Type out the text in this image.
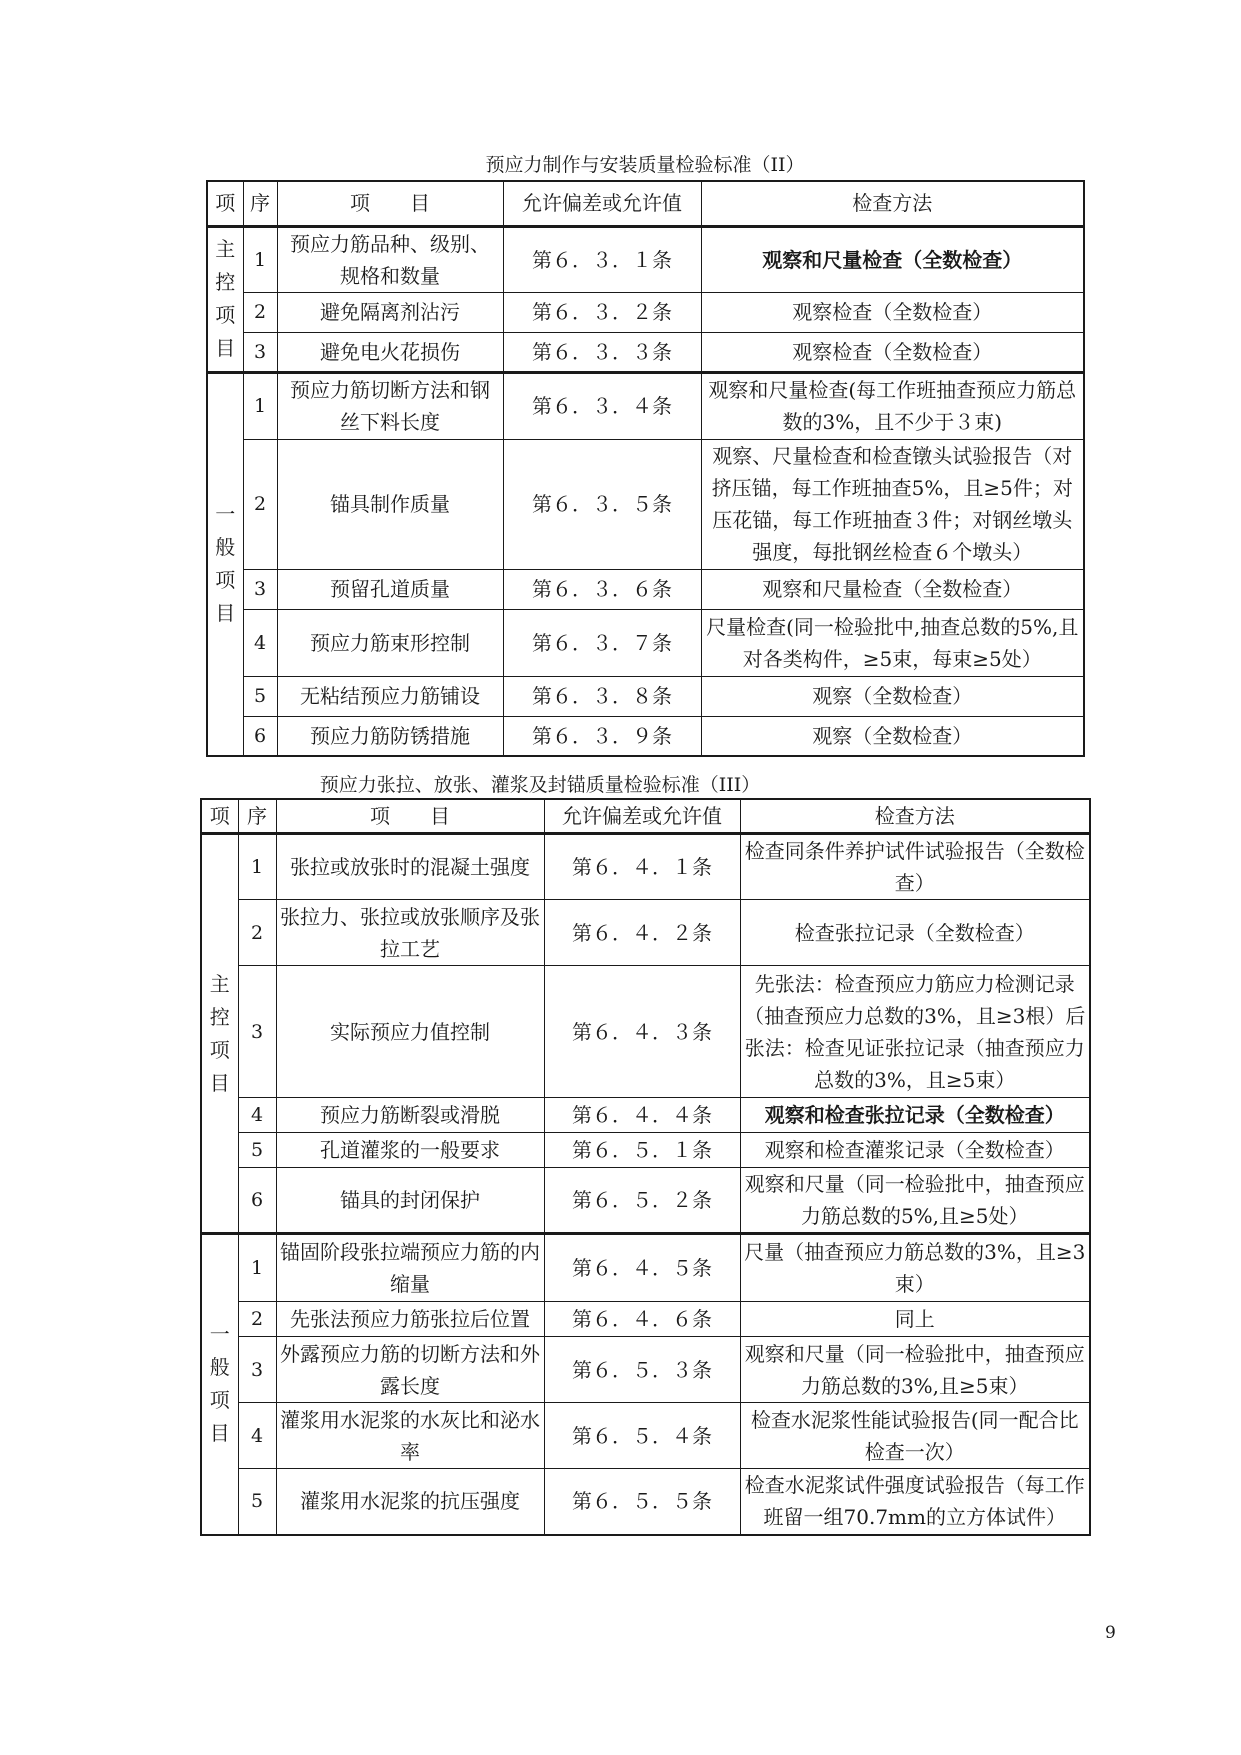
预应力制作与安装质量检验标准（II）
项	序	项　　目	允许偏差或允许值	检查方法
主控项目	1	预应力筋品种、级别、规格和数量	第６．３．１条	观察和尺量检查（全数检查）
	2	避免隔离剂沾污	第６．３．２条	观察检查（全数检查）
	3	避免电火花损伤	第６．３．３条	观察检查（全数检查）
一般项目	1	预应力筋切断方法和钢丝下料长度	第６．３．４条	观察和尺量检查(每工作班抽查预应力筋总数的3%，且不少于３束)
	2	锚具制作质量	第６．３．５条	观察、尺量检查和检查镦头试验报告（对挤压锚，每工作班抽查5%，且≥5件；对压花锚，每工作班抽查３件；对钢丝墩头强度，每批钢丝检查６个墩头）
	3	预留孔道质量	第６．３．６条	观察和尺量检查（全数检查）
	4	预应力筋束形控制	第６．３．７条	尺量检查(同一检验批中,抽查总数的5%,且对各类构件，≥5束，每束≥5处）
	5	无粘结预应力筋铺设	第６．３．８条	观察（全数检查）
	6	预应力筋防锈措施	第６．３．９条	观察（全数检查）
预应力张拉、放张、灌浆及封锚质量检验标准（III）
项	序	项　　目	允许偏差或允许值	检查方法
主控项目	1	张拉或放张时的混凝土强度	第６．４．１条	检查同条件养护试件试验报告（全数检查）
	2	张拉力、张拉或放张顺序及张拉工艺	第６．４．２条	检查张拉记录（全数检查）
	3	实际预应力值控制	第６．４．３条	先张法：检查预应力筋应力检测记录（抽查预应力总数的3%，且≥3根）后张法：检查见证张拉记录（抽查预应力总数的3%，且≥5束）
	4	预应力筋断裂或滑脱	第６．４．４条	观察和检查张拉记录（全数检查）
	5	孔道灌浆的一般要求	第６．５．１条	观察和检查灌浆记录（全数检查）
	6	锚具的封闭保护	第６．５．２条	观察和尺量（同一检验批中，抽查预应力筋总数的5%,且≥5处）
一般项目	1	锚固阶段张拉端预应力筋的内缩量	第６．４．５条	尺量（抽查预应力筋总数的3%，且≥3束）
	2	先张法预应力筋张拉后位置	第６．４．６条	同上
	3	外露预应力筋的切断方法和外露长度	第６．５．３条	观察和尺量（同一检验批中，抽查预应力筋总数的3%,且≥5束）
	4	灌浆用水泥浆的水灰比和泌水率	第６．５．４条	检查水泥浆性能试验报告(同一配合比检查一次）
	5	灌浆用水泥浆的抗压强度	第６．５．５条	检查水泥浆试件强度试验报告（每工作班留一组70.7mm的立方体试件）
9
